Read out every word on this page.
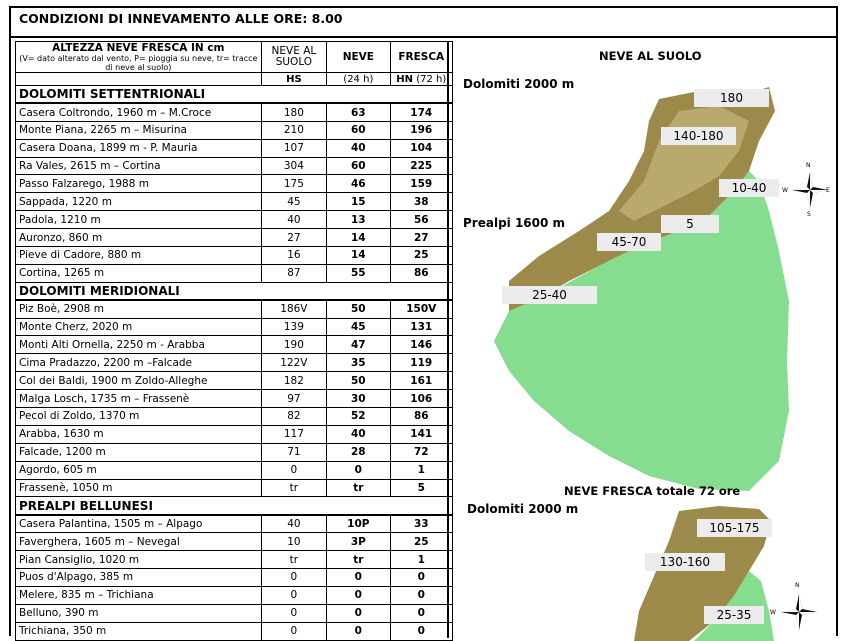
CONDIZIONI DI INNEVAMENTO ALLE ORE: 8.00
ALTEZZA NEVE FRESCA IN cm
(V= dato alterato dal vento, P= pioggia su neve, tr= tracce di neve al suolo)	NEVE AL
SUOLO	NEVE	FRESCA
	HS	(24 h)	HN (72 h)
DOLOMITI SETTENTRIONALI			
Casera Coltrondo, 1960 m – M.Croce	180	63	174
Monte Piana, 2265 m – Misurina	210	60	196
Casera Doana, 1899 m - P. Mauria	107	40	104
Ra Vales, 2615 m – Cortina	304	60	225
Passo Falzarego, 1988 m	175	46	159
Sappada, 1220 m	45	15	38
Padola, 1210 m	40	13	56
Auronzo, 860 m	27	14	27
Pieve di Cadore, 880 m	16	14	25
Cortina, 1265 m	87	55	86
DOLOMITI MERIDIONALI			
Piz Boè, 2908 m	186V	50	150V
Monte Cherz, 2020 m	139	45	131
Monti Alti Ornella, 2250 m - Arabba	190	47	146
Cima Pradazzo, 2200 m –Falcade	122V	35	119
Col dei Baldi, 1900 m Zoldo-Alleghe	182	50	161
Malga Losch, 1735 m – Frassenè	97	30	106
Pecol di Zoldo, 1370 m	82	52	86
Arabba, 1630 m	117	40	141
Falcade, 1200 m	71	28	72
Agordo, 605 m	0	0	1
Frassenè, 1050 m	tr	tr	5
PREALPI BELLUNESI			
Casera Palantina, 1505 m – Alpago	40	10P	33
Faverghera, 1605 m – Nevegal	10	3P	25
Pian Cansiglio, 1020 m	tr	tr	1
Puos d'Alpago, 385 m	0	0	0
Melere, 835 m – Trichiana	0	0	0
Belluno, 390 m	0	0	0
Trichiana, 350 m	0	0	0
NEVE AL SUOLO
Dolomiti 2000 m
Prealpi 1600 m
180
140-180
10-40
5
45-70
25-40
N
E
W
S
NEVE FRESCA totale 72 ore
Dolomiti 2000 m
105-175
130-160
25-35
N
W
